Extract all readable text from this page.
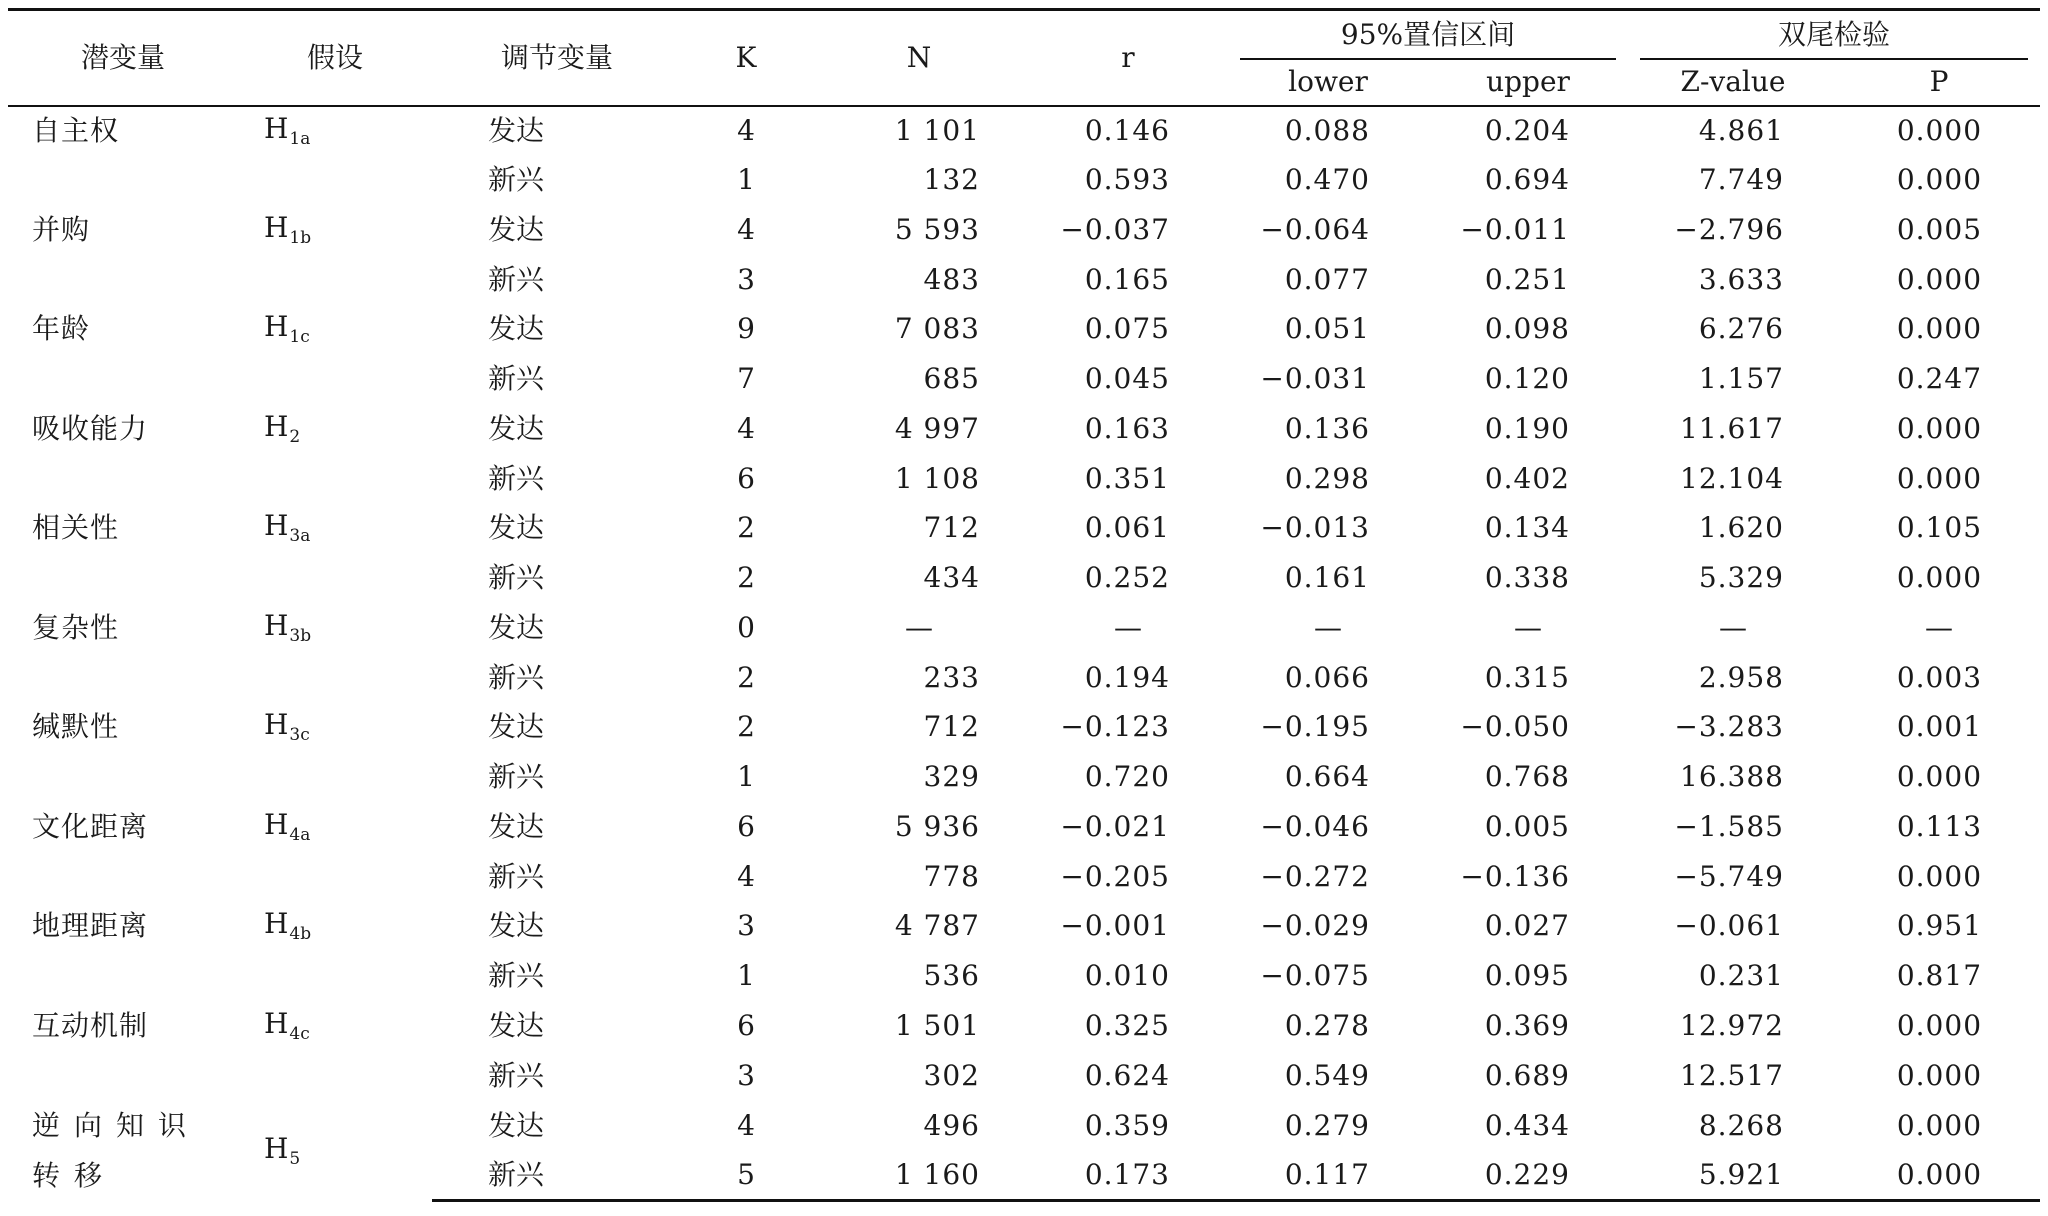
潜变量	假设	调节变量	K	N	r	95%置信区间		双尾检验	

						lower	upper	Z-value	P
自主权	$H_{1a}$	发达	4	1 101	0.146	0.088	0.204	4.861	0.000
		新兴	1	132	0.593	0.470	0.694	7.749	0.000
并购	$H_{1b}$	发达	4	5 593	−0.037	−0.064	−0.011	−2.796	0.005
		新兴	3	483	0.165	0.077	0.251	3.633	0.000
年龄	$H_{1c}$	发达	9	7 083	0.075	0.051	0.098	6.276	0.000
		新兴	7	685	0.045	−0.031	0.120	1.157	0.247
吸收能力	$H_2$	发达	4	4 997	0.163	0.136	0.190	11.617	0.000
		新兴	6	1 108	0.351	0.298	0.402	12.104	0.000
相关性	$H_{3a}$	发达	2	712	0.061	−0.013	0.134	1.620	0.105
		新兴	2	434	0.252	0.161	0.338	5.329	0.000
复杂性	$H_{3b}$	发达	0	—	—	—	—	—	—
		新兴	2	233	0.194	0.066	0.315	2.958	0.003
缄默性	$H_{3c}$	发达	2	712	−0.123	−0.195	−0.050	−3.283	0.001
		新兴	1	329	0.720	0.664	0.768	16.388	0.000
文化距离	$H_{4a}$	发达	6	5 936	−0.021	−0.046	0.005	−1.585	0.113
		新兴	4	778	−0.205	−0.272	−0.136	−5.749	0.000
地理距离	$H_{4b}$	发达	3	4 787	−0.001	−0.029	0.027	−0.061	0.951
		新兴	1	536	0.010	−0.075	0.095	0.231	0.817
互动机制	$H_{4c}$	发达	6	1 501	0.325	0.278	0.369	12.972	0.000
		新兴	3	302	0.624	0.549	0.689	12.517	0.000
逆向知识转移	$H_5$	发达	4	496	0.359	0.279	0.434	8.268	0.000
		新兴	5	1 160	0.173	0.117	0.229	5.921	0.000
